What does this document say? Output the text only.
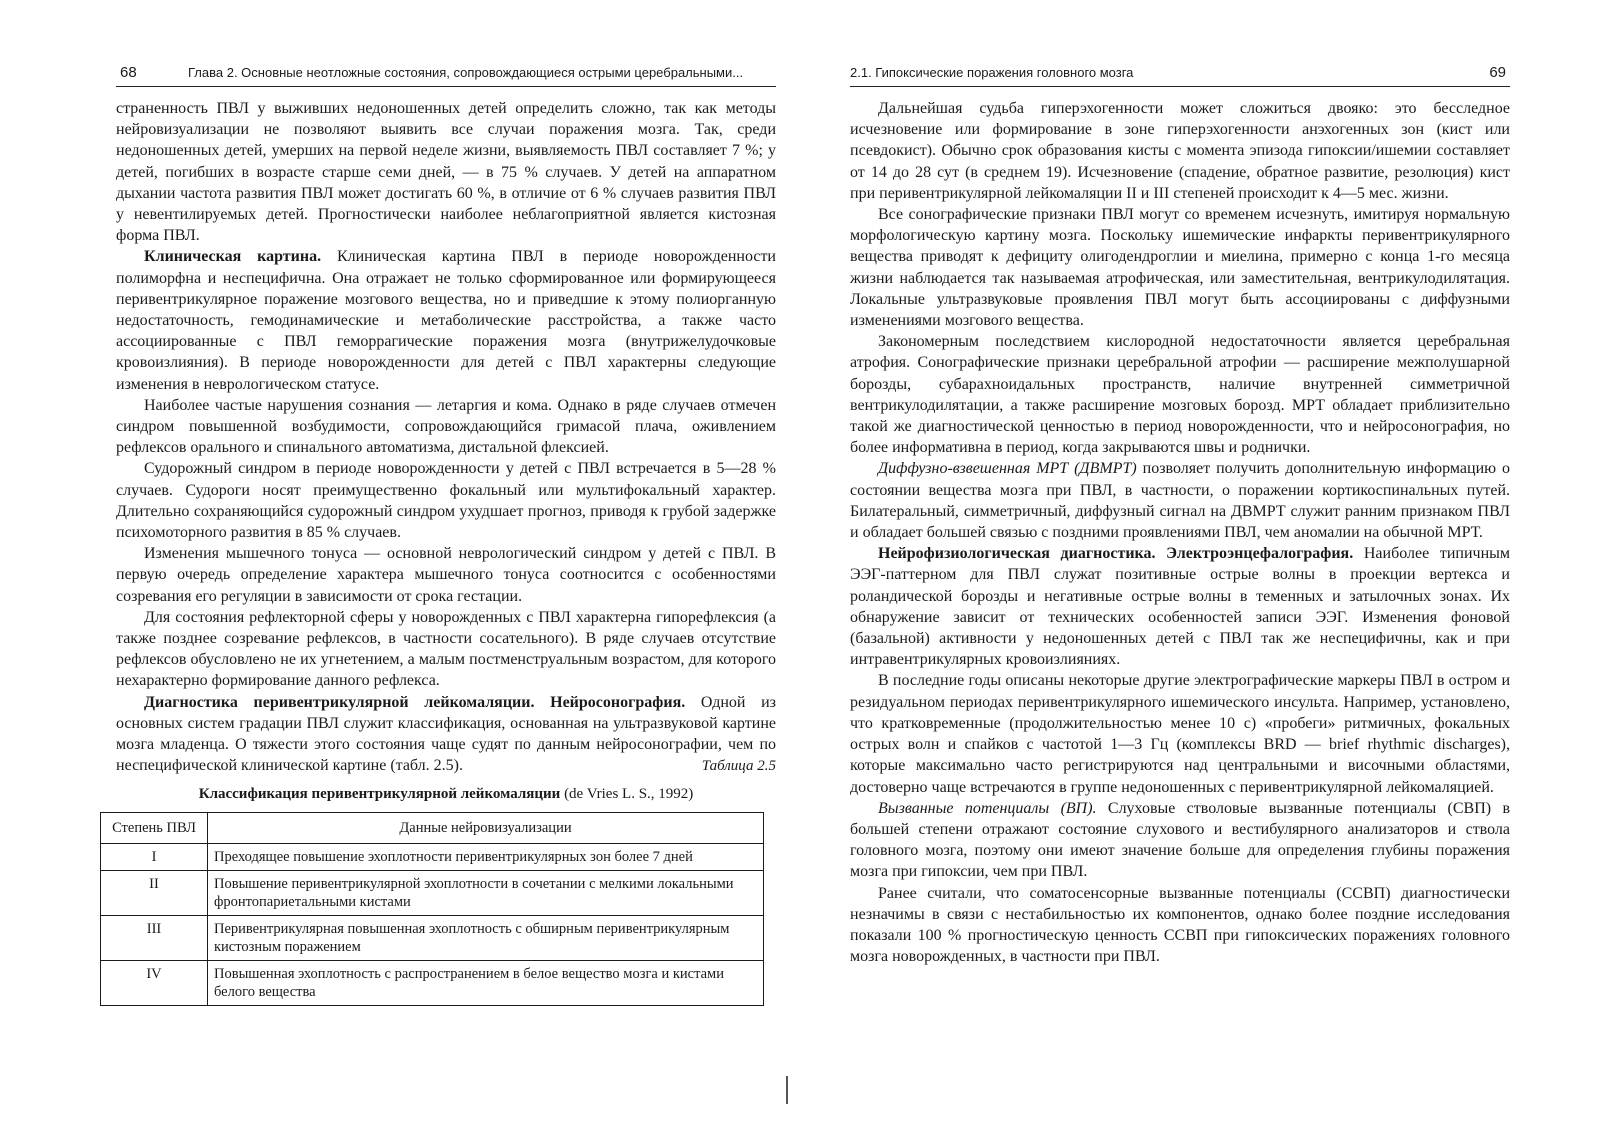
68	Глава 2. Основные неотложные состояния, сопровождающиеся острыми церебральными...

страненность ПВЛ у выживших недоношенных детей определить сложно, так как методы нейровизуализации не позволяют выявить все случаи поражения мозга. Так, среди недоношенных детей, умерших на первой неделе жизни, выявляемость ПВЛ составляет 7 %; у детей, погибших в возрасте старше семи дней, — в 75 % случаев. У детей на аппаратном дыхании частота развития ПВЛ может достигать 60 %, в отличие от 6 % случаев развития ПВЛ у невентилируемых детей. Прогностически наиболее неблагоприятной является кистозная форма ПВЛ.

Клиническая картина. Клиническая картина ПВЛ в периоде новорожденности полиморфна и неспецифична. Она отражает не только сформированное или формирующееся перивентрикулярное поражение мозгового вещества, но и приведшие к этому полиорганную недостаточность, гемодинамические и метаболические расстройства, а также часто ассоциированные с ПВЛ геморрагические поражения мозга (внутрижелудочковые кровоизлияния). В периоде новорожденности для детей с ПВЛ характерны следующие изменения в неврологическом статусе.

Наиболее частые нарушения сознания — летаргия и кома. Однако в ряде случаев отмечен синдром повышенной возбудимости, сопровождающийся гримасой плача, оживлением рефлексов орального и спинального автоматизма, дистальной флексией.

Судорожный синдром в периоде новорожденности у детей с ПВЛ встречается в 5—28 % случаев. Судороги носят преимущественно фокальный или мультифокальный характер. Длительно сохраняющийся судорожный синдром ухудшает прогноз, приводя к грубой задержке психомоторного развития в 85 % случаев.

Изменения мышечного тонуса — основной неврологический синдром у детей с ПВЛ. В первую очередь определение характера мышечного тонуса соотносится с особенностями созревания его регуляции в зависимости от срока гестации.

Для состояния рефлекторной сферы у новорожденных с ПВЛ характерна гипорефлексия (а также позднее созревание рефлексов, в частности сосательного). В ряде случаев отсутствие рефлексов обусловлено не их угнетением, а малым постменструальным возрастом, для которого нехарактерно формирование данного рефлекса.

Диагностика перивентрикулярной лейкомаляции. Нейросонография. Одной из основных систем градации ПВЛ служит классификация, основанная на ультразвуковой картине мозга младенца. О тяжести этого состояния чаще судят по данным нейросонографии, чем по неспецифической клинической картине (табл. 2.5).	Таблица 2.5
Классификация перивентрикулярной лейкомаляции (de Vries L. S., 1992)
Степень ПВЛ	Данные нейровизуализации
I	Преходящее повышение эхоплотности перивентрикулярных зон более 7 дней
II	Повышение перивентрикулярной эхоплотности в сочетании с мелкими локальными фронтопариетальными кистами
III	Перивентрикулярная повышенная эхоплотность с обширным перивентрикулярным кистозным поражением
IV	Повышенная эхоплотность с распространением в белое вещество мозга и кистами белого вещества
2.1. Гипоксические поражения головного мозга	69

Дальнейшая судьба гиперэхогенности может сложиться двояко: это бесследное исчезновение или формирование в зоне гиперэхогенности анэхогенных зон (кист или псевдокист). Обычно срок образования кисты с момента эпизода гипоксии/ишемии составляет от 14 до 28 сут (в среднем 19). Исчезновение (спадение, обратное развитие, резолюция) кист при перивентрикулярной лейкомаляции II и III степеней происходит к 4—5 мес. жизни.

Все сонографические признаки ПВЛ могут со временем исчезнуть, имитируя нормальную морфологическую картину мозга. Поскольку ишемические инфаркты перивентрикулярного вещества приводят к дефициту олигодендроглии и миелина, примерно с конца 1-го месяца жизни наблюдается так называемая атрофическая, или заместительная, вентрикулодилятация. Локальные ультразвуковые проявления ПВЛ могут быть ассоциированы с диффузными изменениями мозгового вещества.

Закономерным последствием кислородной недостаточности является церебральная атрофия. Сонографические признаки церебральной атрофии — расширение межполушарной борозды, субарахноидальных пространств, наличие внутренней симметричной вентрикулодилятации, а также расширение мозговых борозд. МРТ обладает приблизительно такой же диагностической ценностью в период новорожденности, что и нейросонография, но более информативна в период, когда закрываются швы и роднички.

Диффузно-взвешенная МРТ (ДВМРТ) позволяет получить дополнительную информацию о состоянии вещества мозга при ПВЛ, в частности, о поражении кортикоспинальных путей. Билатеральный, симметричный, диффузный сигнал на ДВМРТ служит ранним признаком ПВЛ и обладает большей связью с поздними проявлениями ПВЛ, чем аномалии на обычной МРТ.

Нейрофизиологическая диагностика. Электроэнцефалография. Наиболее типичным ЭЭГ-паттерном для ПВЛ служат позитивные острые волны в проекции вертекса и роландической борозды и негативные острые волны в теменных и затылочных зонах. Их обнаружение зависит от технических особенностей записи ЭЭГ. Изменения фоновой (базальной) активности у недоношенных детей с ПВЛ так же неспецифичны, как и при интравентрикулярных кровоизлияниях.

В последние годы описаны некоторые другие электрографические маркеры ПВЛ в остром и резидуальном периодах перивентрикулярного ишемического инсульта. Например, установлено, что кратковременные (продолжительностью менее 10 с) «пробеги» ритмичных, фокальных острых волн и спайков с частотой 1—3 Гц (комплексы BRD — brief rhythmic discharges), которые максимально часто регистрируются над центральными и височными областями, достоверно чаще встречаются в группе недоношенных с перивентрикулярной лейкомаляцией.

Вызванные потенциалы (ВП). Слуховые стволовые вызванные потенциалы (СВП) в большей степени отражают состояние слухового и вестибулярного анализаторов и ствола головного мозга, поэтому они имеют значение больше для определения глубины поражения мозга при гипоксии, чем при ПВЛ.

Ранее считали, что соматосенсорные вызванные потенциалы (ССВП) диагностически незначимы в связи с нестабильностью их компонентов, однако более поздние исследования показали 100 % прогностическую ценность ССВП при гипоксических поражениях головного мозга новорожденных, в частности при ПВЛ.
